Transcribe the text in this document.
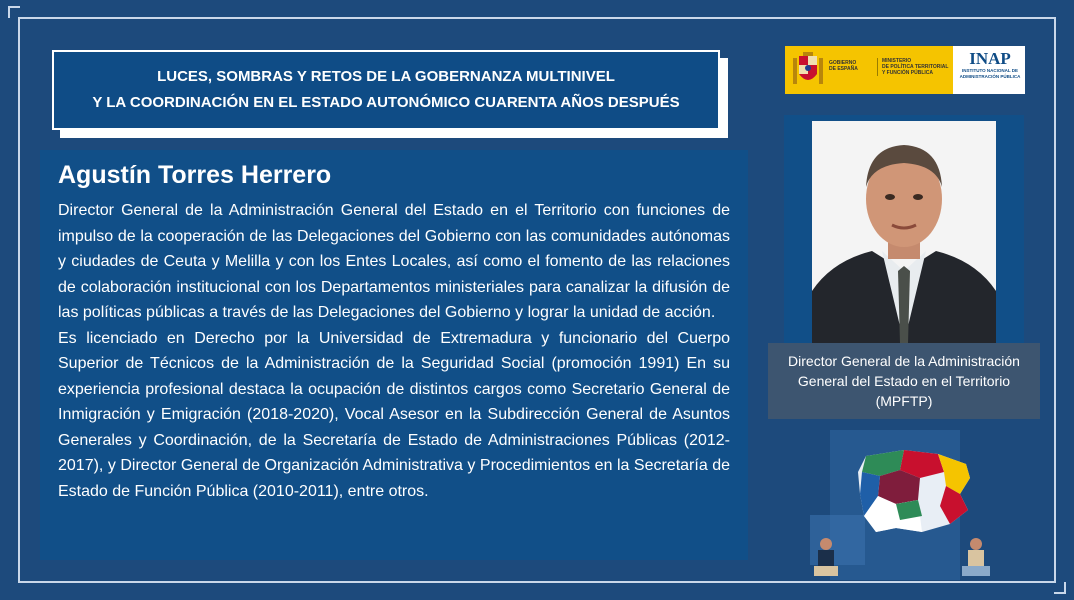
LUCES, SOMBRAS Y RETOS DE LA GOBERNANZA MULTINIVEL
Y LA COORDINACIÓN EN EL ESTADO AUTONÓMICO CUARENTA AÑOS DESPUÉS
Agustín Torres Herrero

Director General de la Administración General del Estado en el Territorio con funciones de impulso de la cooperación de las Delegaciones del Gobierno con las comunidades autónomas y ciudades de Ceuta y Melilla y con los Entes Locales, así como el fomento de las relaciones de colaboración institucional con los Departamentos ministeriales para canalizar la difusión de las políticas públicas a través de las Delegaciones del Gobierno y lograr la unidad de acción.

Es licenciado en Derecho por la Universidad de Extremadura y funcionario del Cuerpo Superior de Técnicos de la Administración de la Seguridad Social (promoción 1991) En su experiencia profesional destaca la ocupación de distintos cargos como Secretario General de Inmigración y Emigración (2018-2020), Vocal Asesor en la Subdirección General de Asuntos Generales y Coordinación, de la Secretaría de Estado de Administraciones Públicas (2012-2017), y Director General de Organización Administrativa y Procedimientos en la Secretaría de Estado de Función Pública (2010-2011), entre otros.

GOBIERNO
DE ESPAÑA
MINISTERIO
DE POLÍTICA TERRITORIAL
Y FUNCIÓN PÚBLICA
INAP
INSTITUTO NACIONAL DE
ADMINISTRACIÓN PÚBLICA
Director General de la Administración General del Estado en el Territorio (MPFTP)
